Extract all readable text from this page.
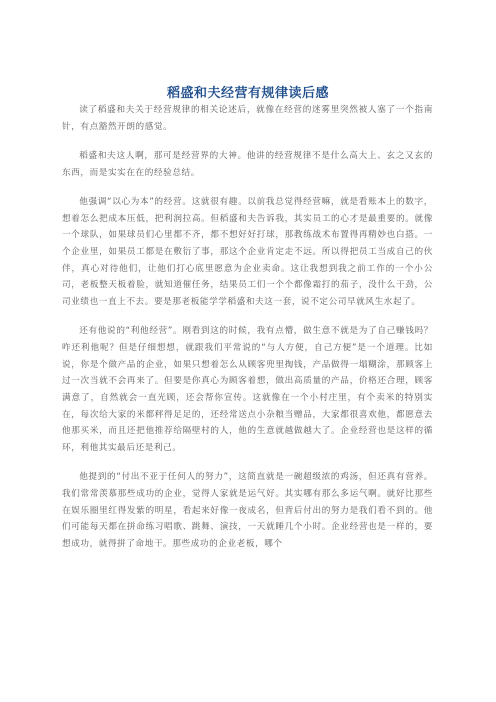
稻盛和夫经营有规律读后感

读了稻盛和夫关于经营规律的相关论述后，就像在经营的迷雾里突然被人塞了一个指南针，有点豁然开朗的感觉。

稻盛和夫这人啊，那可是经营界的大神。他讲的经营规律不是什么高大上、玄之又玄的东西，而是实实在在的经验总结。

他强调“以心为本”的经营。这就很有趣。以前我总觉得经营嘛，就是看账本上的数字，想着怎么把成本压低，把利润拉高。但稻盛和夫告诉我，其实员工的心才是最重要的。就像一个球队，如果球员们心里都不齐，都不想好好打球，那教练战术布置得再精妙也白搭。一个企业里，如果员工都是在敷衍了事，那这个企业肯定走不远。所以得把员工当成自己的伙伴，真心对待他们，让他们打心底里愿意为企业卖命。这让我想到我之前工作的一个小公司，老板整天板着脸，就知道催任务，结果员工们一个个都像霜打的茄子，没什么干劲，公司业绩也一直上不去。要是那老板能学学稻盛和夫这一套，说不定公司早就风生水起了。

还有他说的“利他经营”。刚看到这的时候，我有点懵，做生意不就是为了自己赚钱吗？咋还利他呢？但是仔细想想，就跟我们平常说的“与人方便，自己方便”是一个道理。比如说，你是个做产品的企业，如果只想着怎么从顾客兜里掏钱，产品做得一塌糊涂，那顾客上过一次当就不会再来了。但要是你真心为顾客着想，做出高质量的产品，价格还合理，顾客满意了，自然就会一直光顾，还会帮你宣传。这就像在一个小村庄里，有个卖米的特别实在，每次给大家的米都秤得足足的，还经常送点小杂粮当赠品，大家都很喜欢他，都愿意去他那买米，而且还把他推荐给隔壁村的人，他的生意就越做越大了。企业经营也是这样的循环，利他其实最后还是利己。

他提到的“付出不亚于任何人的努力”，这简直就是一碗超级浓的鸡汤，但还真有营养。我们常常羡慕那些成功的企业，觉得人家就是运气好。其实哪有那么多运气啊。就好比那些在娱乐圈里红得发紫的明星，看起来好像一夜成名，但背后付出的努力是我们看不到的。他们可能每天都在拼命练习唱歌、跳舞、演技，一天就睡几个小时。企业经营也是一样的，要想成功，就得拼了命地干。那些成功的企业老板，哪个
